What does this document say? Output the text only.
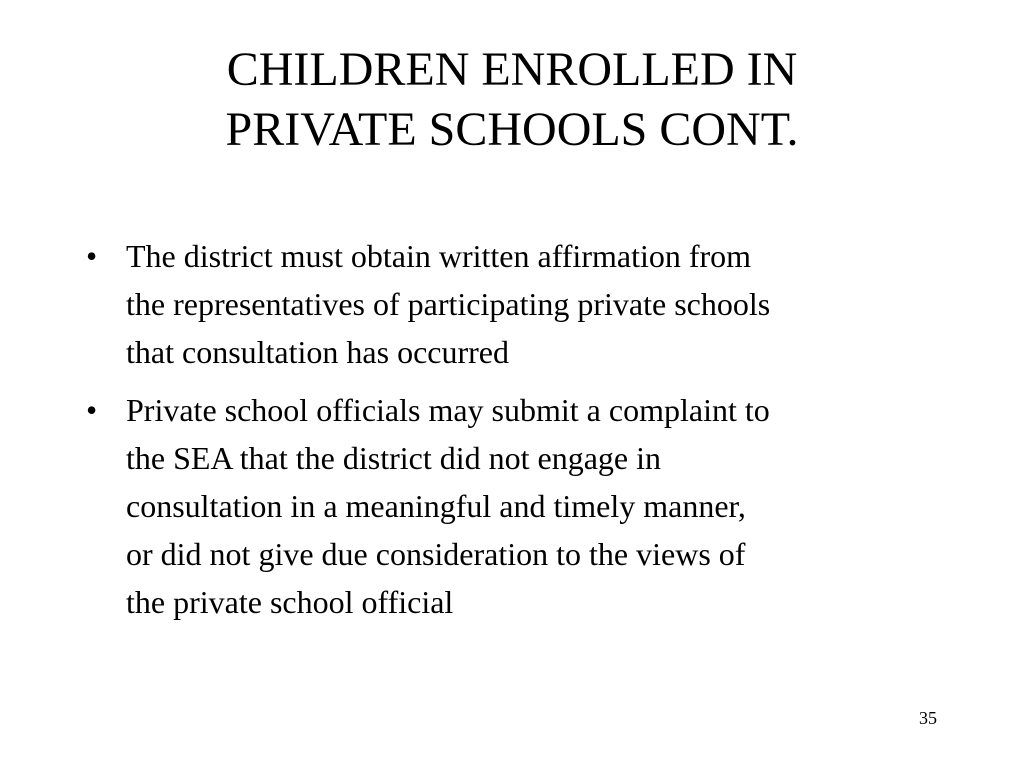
CHILDREN ENROLLED IN
PRIVATE SCHOOLS CONT.
• The district must obtain written affirmation from
the representatives of participating private schools
that consultation has occurred
• Private school officials may submit a complaint to
the SEA that the district did not engage in
consultation in a meaningful and timely manner,
or did not give due consideration to the views of
the private school official
35
